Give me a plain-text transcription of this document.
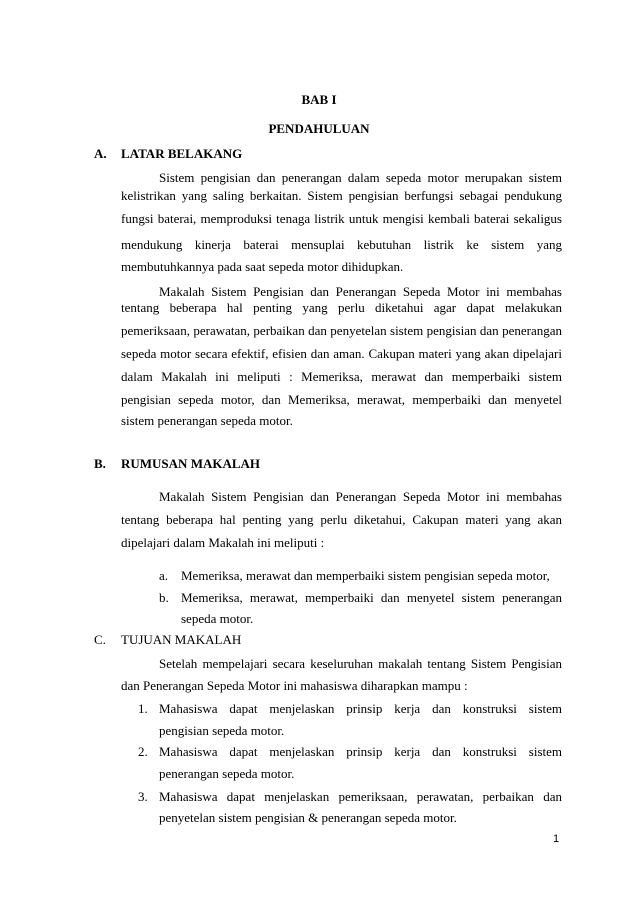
BAB I
PENDAHULUAN
A. LATAR BELAKANG
Sistem pengisian dan penerangan dalam sepeda motor merupakan sistem
kelistrikan yang saling berkaitan. Sistem pengisian berfungsi sebagai pendukung
fungsi baterai, memproduksi tenaga listrik untuk mengisi kembali baterai sekaligus
mendukung kinerja baterai mensuplai kebutuhan listrik ke sistem yang
membutuhkannya pada saat sepeda motor dihidupkan.
Makalah Sistem Pengisian dan Penerangan Sepeda Motor ini membahas
tentang beberapa hal penting yang perlu diketahui agar dapat melakukan
pemeriksaan, perawatan, perbaikan dan penyetelan sistem pengisian dan penerangan
sepeda motor secara efektif, efisien dan aman. Cakupan materi yang akan dipelajari
dalam Makalah ini meliputi : Memeriksa, merawat dan memperbaiki sistem
pengisian sepeda motor, dan Memeriksa, merawat, memperbaiki dan menyetel
sistem penerangan sepeda motor.
B. RUMUSAN MAKALAH
Makalah Sistem Pengisian dan Penerangan Sepeda Motor ini membahas
tentang beberapa hal penting yang perlu diketahui, Cakupan materi yang akan
dipelajari dalam Makalah ini meliputi :
a. Memeriksa, merawat dan memperbaiki sistem pengisian sepeda motor,
b. Memeriksa, merawat, memperbaiki dan menyetel sistem penerangan
sepeda motor.
C. TUJUAN MAKALAH
Setelah mempelajari secara keseluruhan makalah tentang Sistem Pengisian
dan Penerangan Sepeda Motor ini mahasiswa diharapkan mampu :
1. Mahasiswa dapat menjelaskan prinsip kerja dan konstruksi sistem
pengisian sepeda motor.
2. Mahasiswa dapat menjelaskan prinsip kerja dan konstruksi sistem
penerangan sepeda motor.
3. Mahasiswa dapat menjelaskan pemeriksaan, perawatan, perbaikan dan
penyetelan sistem pengisian & penerangan sepeda motor.
1
